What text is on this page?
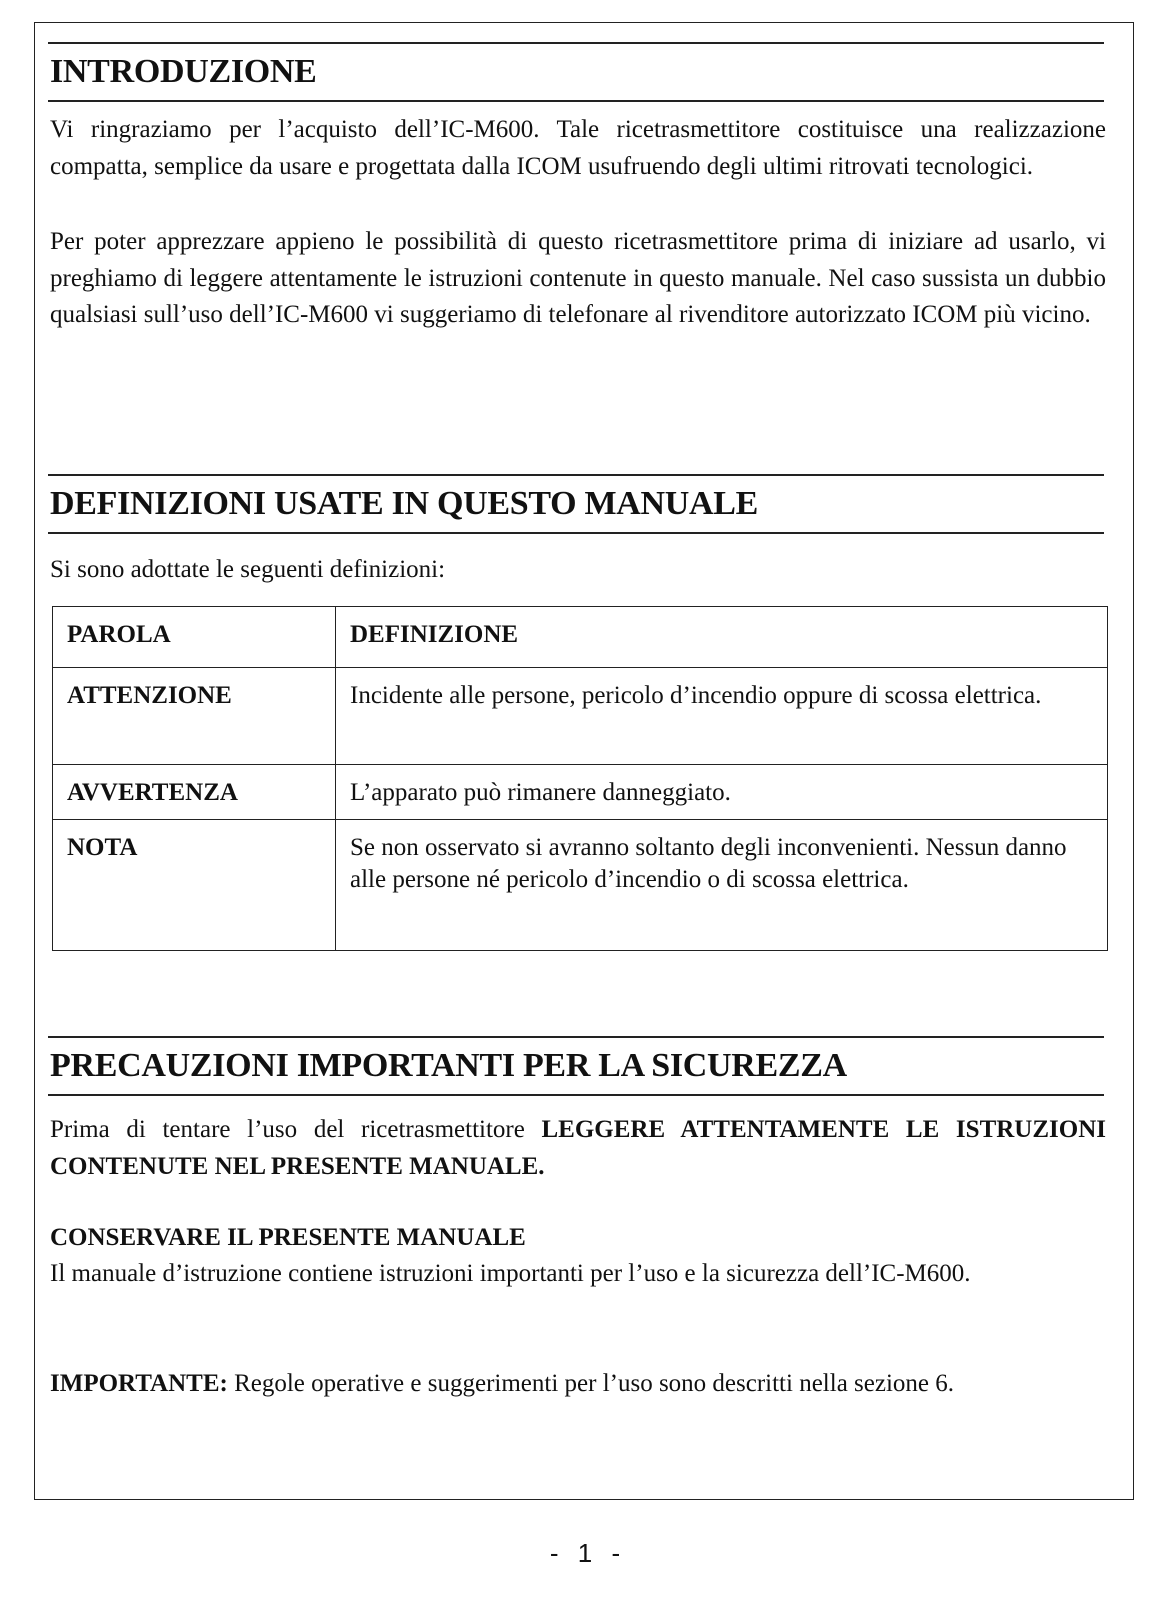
INTRODUZIONE

Vi ringraziamo per l’acquisto dell’IC-M600. Tale ricetrasmettitore costituisce una realizzazione compatta, semplice da usare e progettata dalla ICOM usufruendo degli ultimi ritrovati tecnologici.

Per poter apprezzare appieno le possibilità di questo ricetrasmettitore prima di iniziare ad usarlo, vi preghiamo di leggere attentamente le istruzioni contenute in questo manuale. Nel caso sussista un dubbio qualsiasi sull’uso dell’IC-M600 vi suggeriamo di telefonare al rivenditore autorizzato ICOM più vicino.

DEFINIZIONI USATE IN QUESTO MANUALE

Si sono adottate le seguenti definizioni:

PAROLA	DEFINIZIONE
ATTENZIONE	Incidente alle persone, pericolo d’incendio oppure di scossa elettrica.
AVVERTENZA	L’apparato può rimanere danneggiato.
NOTA	Se non osservato si avranno soltanto degli inconvenienti. Nessun danno alle persone né pericolo d’incendio o di scossa elettrica.
PRECAUZIONI IMPORTANTI PER LA SICUREZZA

Prima di tentare l’uso del ricetrasmettitore LEGGERE ATTENTAMENTE LE ISTRUZIONI CONTENUTE NEL PRESENTE MANUALE.

CONSERVARE IL PRESENTE MANUALE

Il manuale d’istruzione contiene istruzioni importanti per l’uso e la sicurezza dell’IC-M600.

IMPORTANTE: Regole operative e suggerimenti per l’uso sono descritti nella sezione 6.

- 1 -
